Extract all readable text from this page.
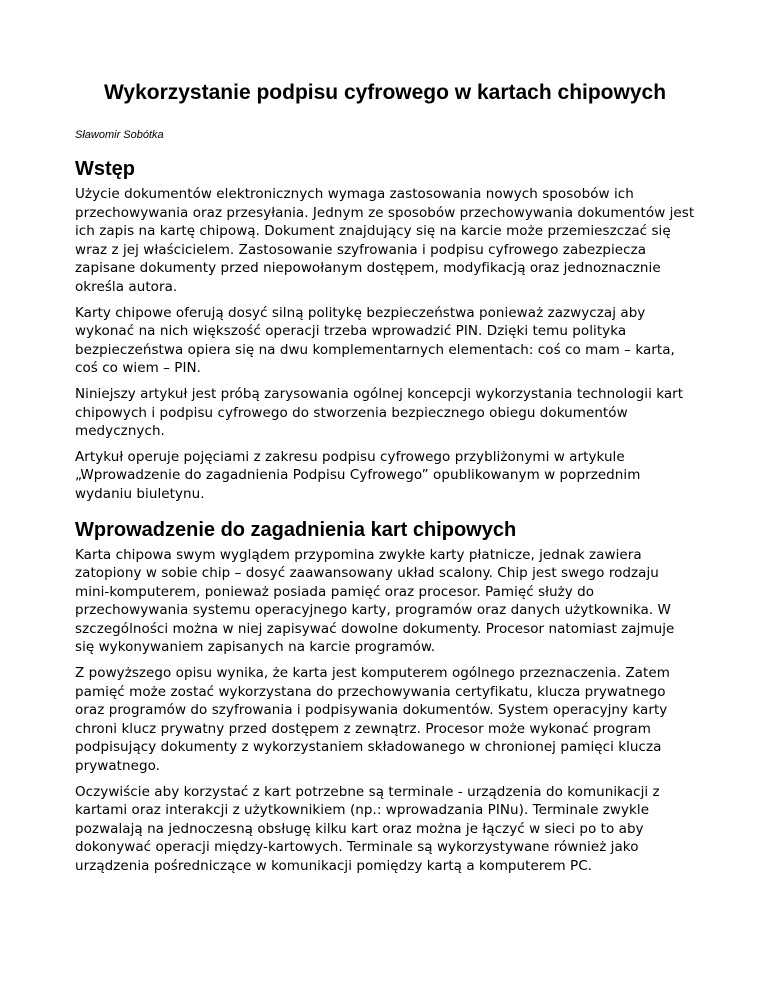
Wykorzystanie podpisu cyfrowego w kartach chipowych
Sławomir Sobótka
Wstęp

Użycie dokumentów elektronicznych wymaga zastosowania nowych sposobów ich przechowywania oraz przesyłania. Jednym ze sposobów przechowywania dokumentów jest ich zapis na kartę chipową. Dokument znajdujący się na karcie może przemieszczać się wraz z jej właścicielem. Zastosowanie szyfrowania i podpisu cyfrowego zabezpiecza zapisane dokumenty przed niepowołanym dostępem, modyfikacją oraz jednoznacznie określa autora.

Karty chipowe oferują dosyć silną politykę bezpieczeństwa ponieważ zazwyczaj aby wykonać na nich większość operacji trzeba wprowadzić PIN. Dzięki temu polityka bezpieczeństwa opiera się na dwu komplementarnych elementach: coś co mam – karta, coś co wiem – PIN.

Niniejszy artykuł jest próbą zarysowania ogólnej koncepcji wykorzystania technologii kart chipowych i podpisu cyfrowego do stworzenia bezpiecznego obiegu dokumentów medycznych.

Artykuł operuje pojęciami z zakresu podpisu cyfrowego przybliżonymi w artykule „Wprowadzenie do zagadnienia Podpisu Cyfrowego” opublikowanym w poprzednim wydaniu biuletynu.

Wprowadzenie do zagadnienia kart chipowych

Karta chipowa swym wyglądem przypomina zwykłe karty płatnicze, jednak zawiera zatopiony w sobie chip – dosyć zaawansowany układ scalony. Chip jest swego rodzaju mini-komputerem, ponieważ posiada pamięć oraz procesor. Pamięć służy do przechowywania systemu operacyjnego karty, programów oraz danych użytkownika. W szczególności można w niej zapisywać dowolne dokumenty. Procesor natomiast zajmuje się wykonywaniem zapisanych na karcie programów.

Z powyższego opisu wynika, że karta jest komputerem ogólnego przeznaczenia. Zatem pamięć może zostać wykorzystana do przechowywania certyfikatu, klucza prywatnego oraz programów do szyfrowania i podpisywania dokumentów. System operacyjny karty chroni klucz prywatny przed dostępem z zewnątrz. Procesor może wykonać program podpisujący dokumenty z wykorzystaniem składowanego w chronionej pamięci klucza prywatnego.

Oczywiście aby korzystać z kart potrzebne są terminale - urządzenia do komunikacji z kartami oraz interakcji z użytkownikiem (np.: wprowadzania PINu). Terminale zwykle pozwalają na jednoczesną obsługę kilku kart oraz można je łączyć w sieci po to aby dokonywać operacji między-kartowych. Terminale są wykorzystywane również jako urządzenia pośredniczące w komunikacji pomiędzy kartą a komputerem PC.
